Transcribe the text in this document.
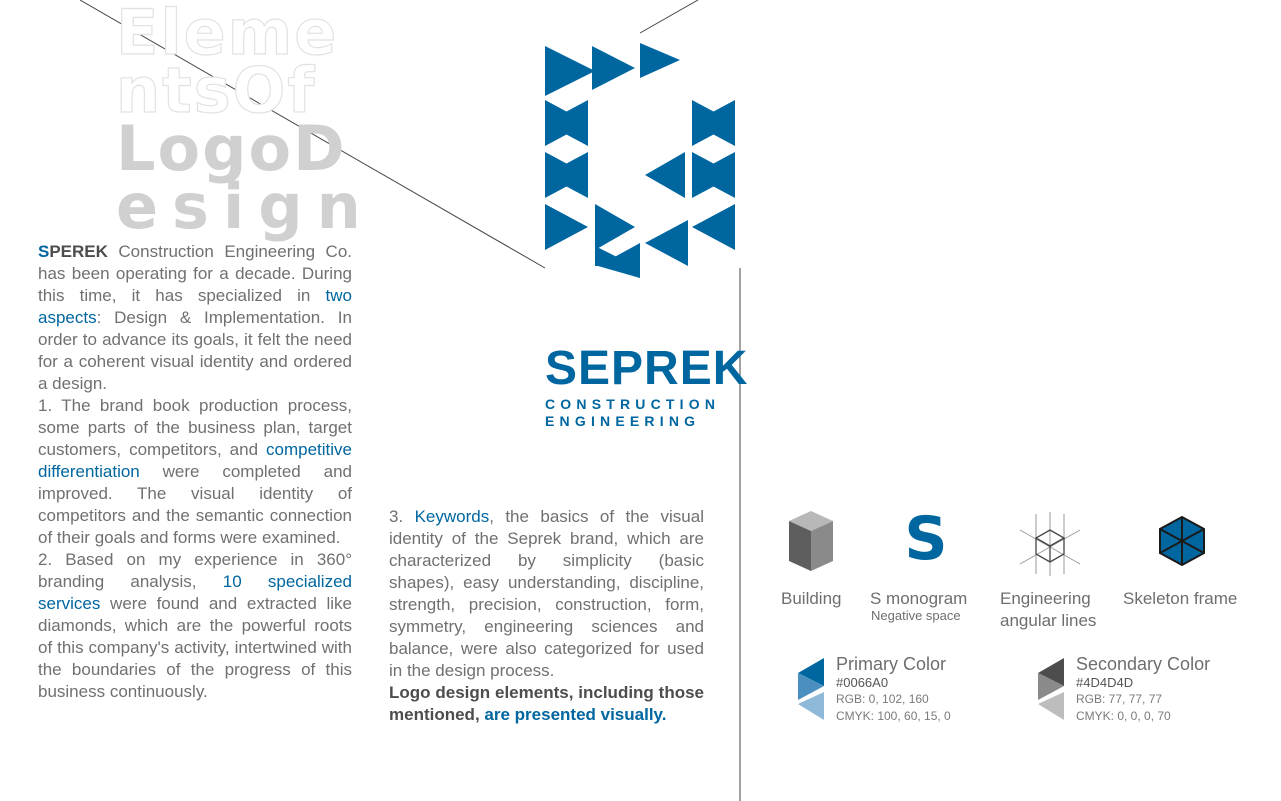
Eleme
ntsOf
LogoD
esign

SPEREK Construction Engineering Co. has been operating for a decade. During this time, it has specialized in two aspects: Design & Implementation. In order to advance its goals, it felt the need for a coherent visual identity and ordered a design.

1. The brand book production process, some parts of the business plan, target customers, competitors, and competitive differentiation were completed and improved. The visual identity of competitors and the semantic connection of their goals and forms were examined.

2. Based on my experience in 360° branding analysis, 10 specialized services were found and extracted like diamonds, which are the powerful roots of this company's activity, intertwined with the boundaries of the progress of this business continuously.

3. Keywords, the basics of the visual identity of the Seprek brand, which are characterized by simplicity (basic shapes), easy understanding, discipline, strength, precision, construction, form, symmetry, engineering sciences and balance, were also categorized for used in the design process.

Logo design elements, including those mentioned, are presented visually.

SEPREK
CONSTRUCTION
ENGINEERING
S
Building S monogram
Negative space
Engineering
angular lines
Skeleton frame
Primary Color
#0066A0
RGB: 0, 102, 160
CMYK: 100, 60, 15, 0
Secondary Color
#4D4D4D
RGB: 77, 77, 77
CMYK: 0, 0, 0, 70
